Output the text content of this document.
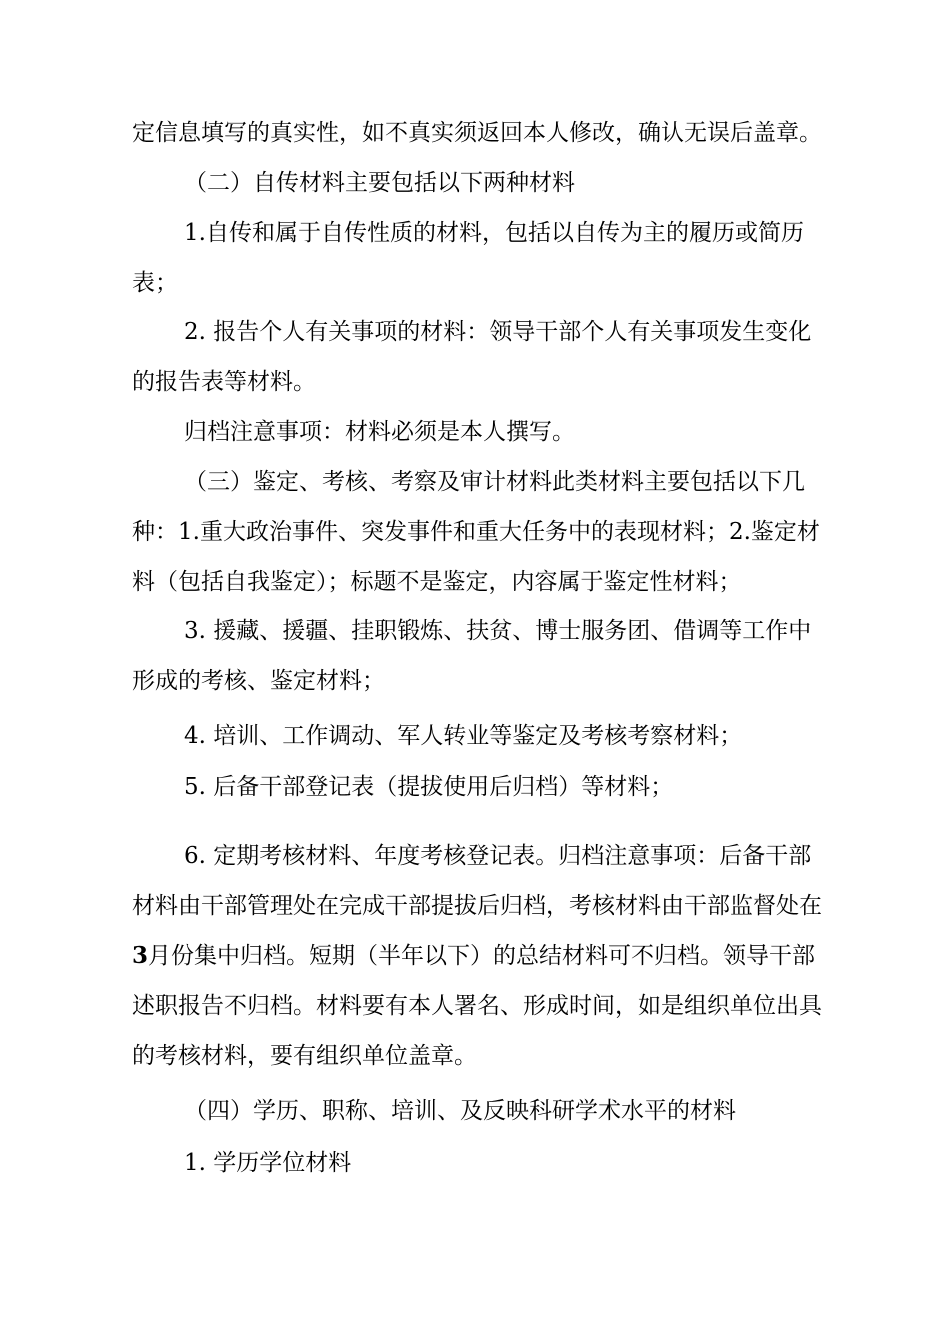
定信息填写的真实性，如不真实须返回本人修改，确认无误后盖章。

（二）自传材料主要包括以下两种材料

1.自传和属于自传性质的材料，包括以自传为主的履历或简历表；

2. 报告个人有关事项的材料：领导干部个人有关事项发生变化的报告表等材料。

归档注意事项：材料必须是本人撰写。

（三）鉴定、考核、考察及审计材料此类材料主要包括以下几种：1.重大政治事件、突发事件和重大任务中的表现材料；2.鉴定材料（包括自我鉴定）；标题不是鉴定，内容属于鉴定性材料；

3. 援藏、援疆、挂职锻炼、扶贫、博士服务团、借调等工作中形成的考核、鉴定材料；

4. 培训、工作调动、军人转业等鉴定及考核考察材料；

5. 后备干部登记表（提拔使用后归档）等材料；

6. 定期考核材料、年度考核登记表。归档注意事项：后备干部材料由干部管理处在完成干部提拔后归档，考核材料由干部监督处在3月份集中归档。短期（半年以下）的总结材料可不归档。领导干部述职报告不归档。材料要有本人署名、形成时间，如是组织单位出具的考核材料，要有组织单位盖章。

（四）学历、职称、培训、及反映科研学术水平的材料

1. 学历学位材料
